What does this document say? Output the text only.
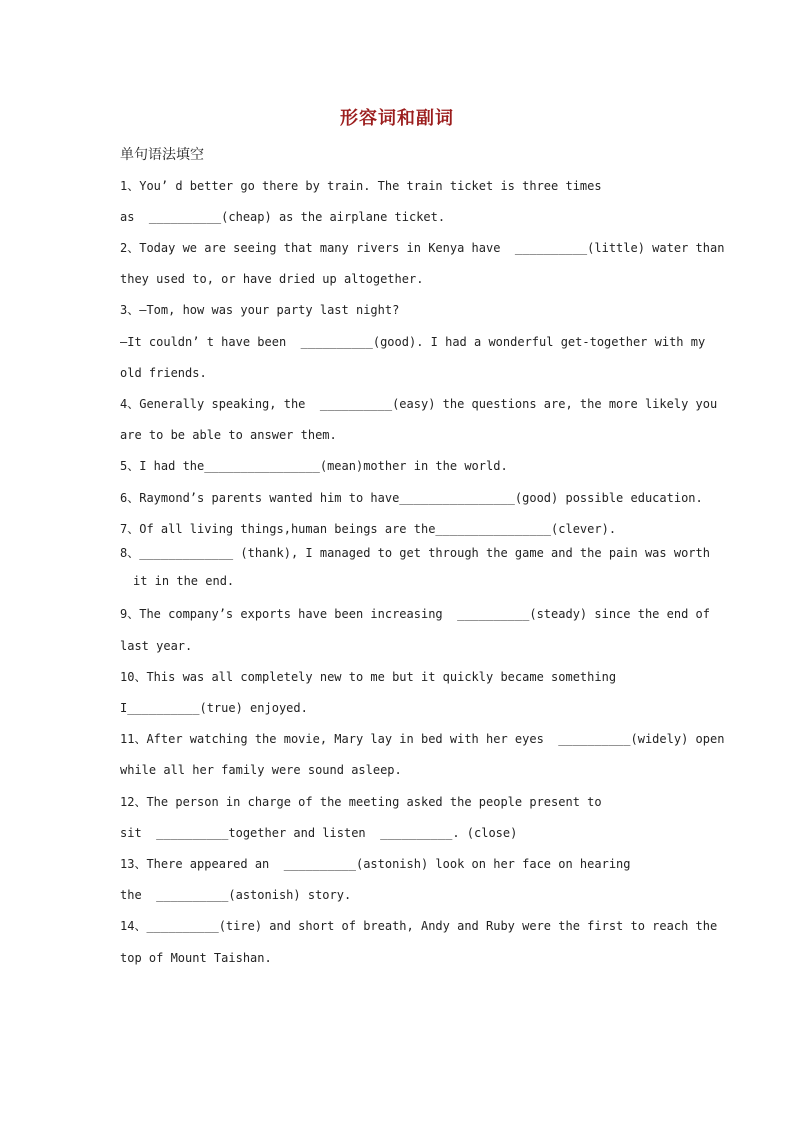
形容词和副词
单句语法填空
1、You’ d better go there by train. The train ticket is three times
as  __________(cheap) as the airplane ticket.
2、Today we are seeing that many rivers in Kenya have  __________(little) water than
they used to, or have dried up altogether.
3、—Tom, how was your party last night?
—It couldn’ t have been  __________(good). I had a wonderful get-together with my
old friends.
4、Generally speaking, the  __________(easy) the questions are, the more likely you
are to be able to answer them.
5、I had the________________(mean)mother in the world.
6、Raymond’s parents wanted him to have________________(good) possible education.
7、Of all living things,human beings are the________________(clever).
8、_____________ (thank), I managed to get through the game and the pain was worth
it in the end.
9、The company’s exports have been increasing  __________(steady) since the end of
last year.
10、This was all completely new to me but it quickly became something
I__________(true) enjoyed.
11、After watching the movie, Mary lay in bed with her eyes  __________(widely) open
while all her family were sound asleep.
12、The person in charge of the meeting asked the people present to
sit  __________together and listen  __________. (close)
13、There appeared an  __________(astonish) look on her face on hearing
the  __________(astonish) story.
14、__________(tire) and short of breath, Andy and Ruby were the first to reach the
top of Mount Taishan.
